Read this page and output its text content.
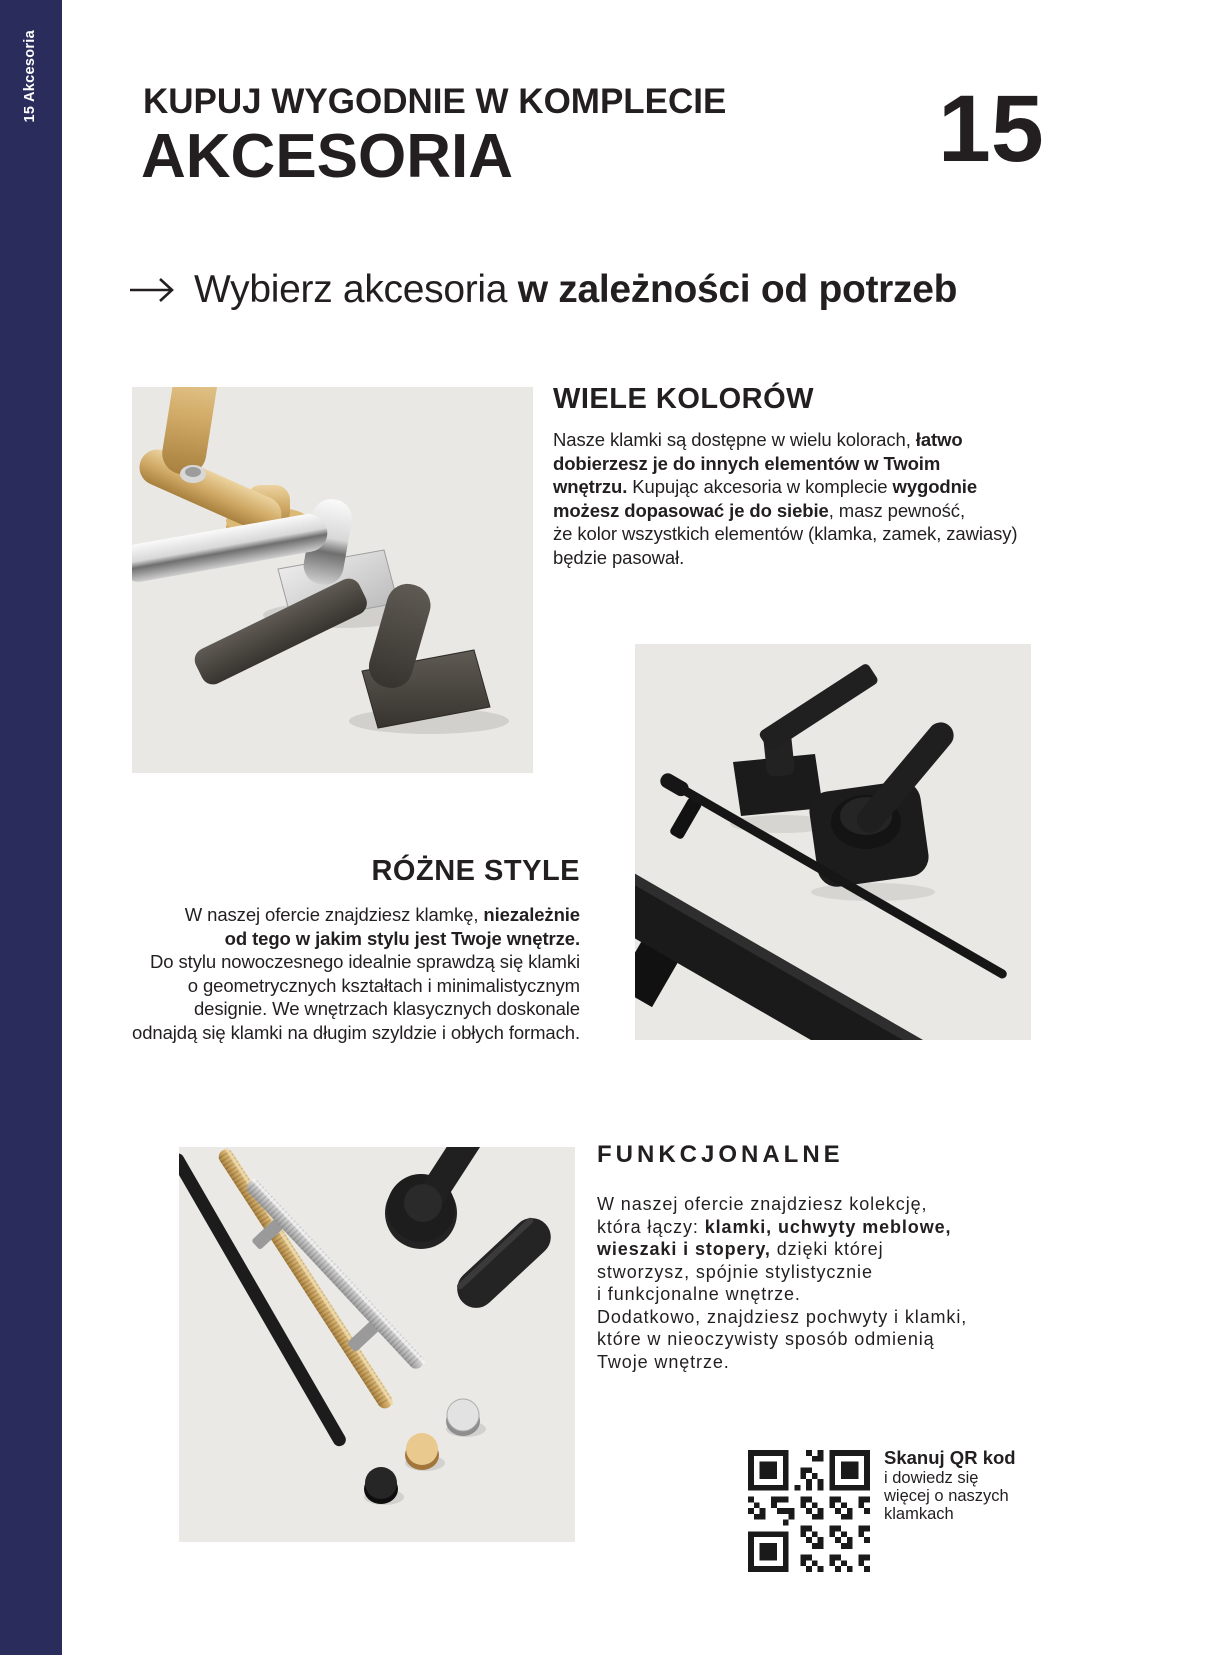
15 Akcesoria	KUPUJ WYGODNIE W KOMPLECIE
AKCESORIA	15
Wybierz akcesoria w zależności od potrzeb
WIELE KOLORÓW
Nasze klamki są dostępne w wielu kolorach, łatwo
dobierzesz je do innych elementów w Twoim
wnętrzu. Kupując akcesoria w komplecie wygodnie
możesz dopasować je do siebie, masz pewność,
że kolor wszystkich elementów (klamka, zamek, zawiasy)
będzie pasował.
RÓŻNE STYLE
W naszej ofercie znajdziesz klamkę, niezależnie
od tego w jakim stylu jest Twoje wnętrze.
Do stylu nowoczesnego idealnie sprawdzą się klamki
o geometrycznych kształtach i minimalistycznym
designie. We wnętrzach klasycznych doskonale
odnajdą się klamki na długim szyldzie i obłych formach.
FUNKCJONALNE
W naszej ofercie znajdziesz kolekcję,
która łączy: klamki, uchwyty meblowe,
wieszaki i stopery, dzięki której
stworzysz, spójnie stylistycznie
i funkcjonalne wnętrze.
Dodatkowo, znajdziesz pochwyty i klamki,
które w nieoczywisty sposób odmienią
Twoje wnętrze.
Skanuj QR kod
i dowiedz się
więcej o naszych
klamkach
